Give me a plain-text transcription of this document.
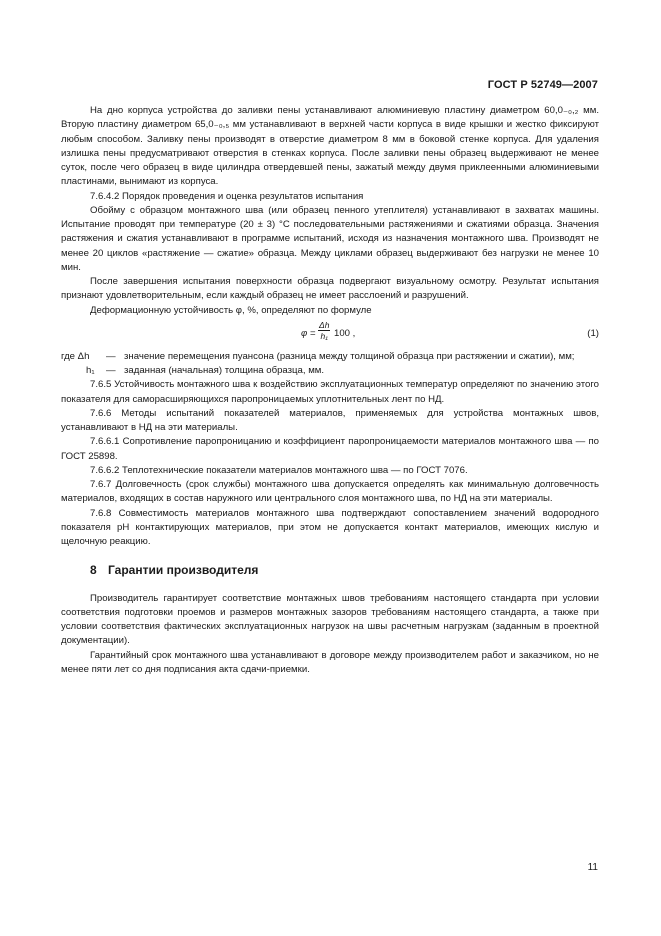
ГОСТ Р 52749—2007

На дно корпуса устройства до заливки пены устанавливают алюминиевую пластину диаметром 60,0₋₀,₂ мм. Вторую пластину диаметром 65,0₋₀,₅ мм устанавливают в верхней части корпуса в виде крышки и жестко фиксируют любым способом. Заливку пены производят в отверстие диаметром 8 мм в боковой стенке корпуса. Для удаления излишка пены предусматривают отверстия в стенках корпуса. После заливки пены образец выдерживают не менее суток, после чего образец в виде цилиндра отвердевшей пены, зажатый между двумя приклеенными алюминиевыми пластинами, вынимают из корпуса.

7.6.4.2 Порядок проведения и оценка результатов испытания

Обойму с образцом монтажного шва (или образец пенного утеплителя) устанавливают в захватах машины. Испытание проводят при температуре (20 ± 3) °С последовательными растяжениями и сжатиями образца. Значения растяжения и сжатия устанавливают в программе испытаний, исходя из назначения монтажного шва. Производят не менее 20 циклов «растяжение — сжатие» образца. Между циклами образец выдерживают без нагрузки не менее 10 мин.

После завершения испытания поверхности образца подвергают визуальному осмотру. Результат испытания признают удовлетворительным, если каждый образец не имеет расслоений и разрушений.

Деформационную устойчивость φ, %, определяют по формуле

$\varphi = \frac{\Delta h}{\text{h₁}} 100$ ,	(1)
где Δh	— значение перемещения пуансона (разница между толщиной образца при растяжении и сжатии), мм;
h₁	— заданная (начальная) толщина образца, мм.

7.6.5 Устойчивость монтажного шва к воздействию эксплуатационных температур определяют по значению этого показателя для саморасширяющихся паропроницаемых уплотнительных лент по НД.

7.6.6 Методы испытаний показателей материалов, применяемых для устройства монтажных швов, устанавливают в НД на эти материалы.

7.6.6.1 Сопротивление паропроницанию и коэффициент паропроницаемости материалов монтажного шва — по ГОСТ 25898.

7.6.6.2 Теплотехнические показатели материалов монтажного шва — по ГОСТ 7076.

7.6.7 Долговечность (срок службы) монтажного шва допускается определять как минимальную долговечность материалов, входящих в состав наружного или центрального слоя монтажного шва, по НД на эти материалы.

7.6.8 Совместимость материалов монтажного шва подтверждают сопоставлением значений водородного показателя рН контактирующих материалов, при этом не допускается контакт материалов, имеющих кислую и щелочную реакцию.

8 Гарантии производителя

Производитель гарантирует соответствие монтажных швов требованиям настоящего стандарта при условии соответствия подготовки проемов и размеров монтажных зазоров требованиям настоящего стандарта, а также при условии соответствия фактических эксплуатационных нагрузок на швы расчетным нагрузкам (заданным в проектной документации).

Гарантийный срок монтажного шва устанавливают в договоре между производителем работ и заказчиком, но не менее пяти лет со дня подписания акта сдачи-приемки.

11
